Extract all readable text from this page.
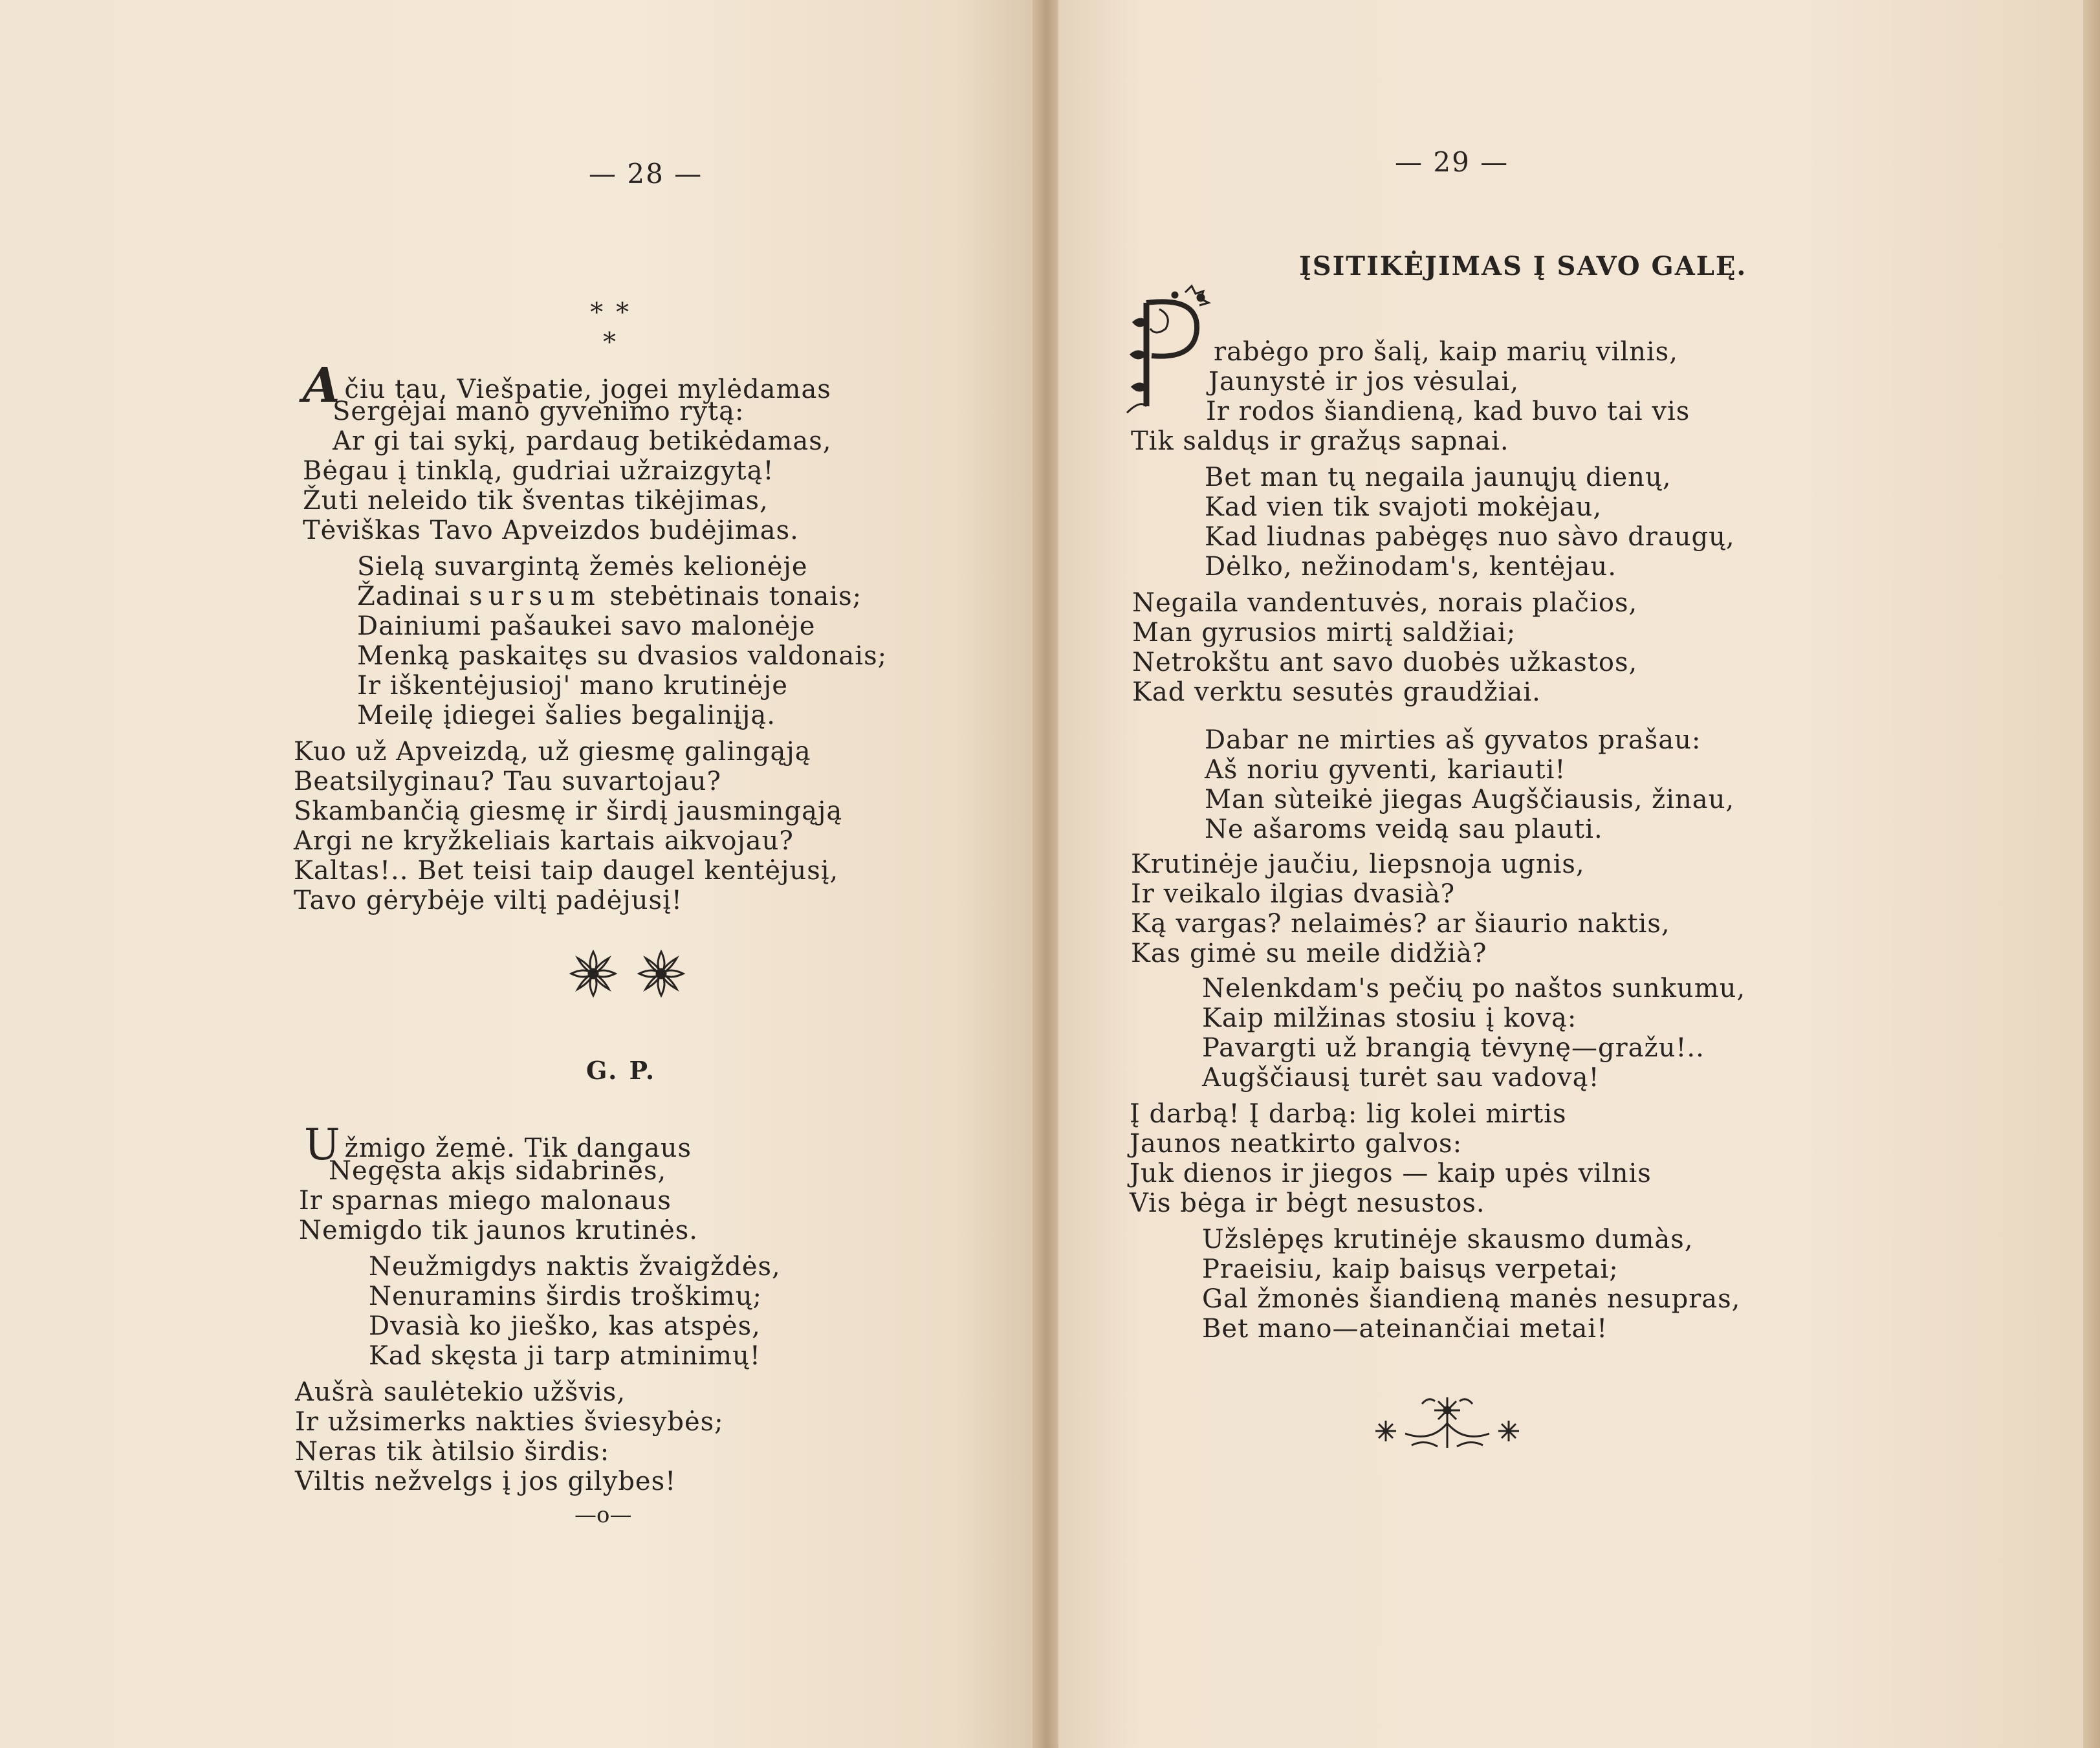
— 28 —
∗ ∗
∗
Ačiu tau, Viešpatie, jogei mylėdamas
Sergėjai mano gyvenimo rytą:
Ar gi tai sykį, pardaug betikėdamas,
Bėgau į tinklą, gudriai užraizgytą!
Žuti neleido tik šventas tikėjimas,
Tėviškas Tavo Apveizdos budėjimas.
Sielą suvargintą žemės kelionėje
Žadinai sursum stebėtinais tonais;
Dainiumi pašaukei savo malonėje
Menką paskaitęs su dvasios valdonais;
Ir iškentėjusioj' mano krutinėje
Meilę įdiegei šalies begalinįją.
Kuo už Apveizdą, už giesmę galingąją
Beatsilyginau? Tau suvartojau?
Skambančią giesmę ir širdį jausmingąją
Argi ne kryžkeliais kartais aikvojau?
Kaltas!.. Bet teisi taip daugel kentėjusį,
Tavo gėrybėje viltį padėjusį!
G. P.
Užmigo žemė. Tik dangaus
Negęsta akįs sidabrinės,
Ir sparnas miego malonaus
Nemigdo tik jaunos krutinės.
Neužmigdys naktis žvaigždės,
Nenuramins širdis troškimų;
Dvasià ko jieško, kas atspės,
Kad skęsta ji tarp atminimų!
Aušrà saulėtekio užšvis,
Ir užsimerks nakties šviesybės;
Neras tik àtilsio širdis:
Viltis nežvelgs į jos gilybes!
—o—
— 29 —
ĮSITIKĖJIMAS Į SAVO GALĘ.
rabėgo pro šalį, kaip marių vilnis,
Jaunystė ir jos vėsulai,
Ir rodos šiandieną, kad buvo tai vis
Tik saldųs ir gražųs sapnai.
Bet man tų negaila jaunųjų dienų,
Kad vien tik svajoti mokėjau,
Kad liudnas pabėgęs nuo sàvo draugų,
Dėlko, nežinodam's, kentėjau.
Negaila vandentuvės, norais plačios,
Man gyrusios mirtį saldžiai;
Netrokštu ant savo duobės užkastos,
Kad verktu sesutės graudžiai.
Dabar ne mirties aš gyvatos prašau:
Aš noriu gyventi, kariauti!
Man sùteikė jiegas Augščiausis, žinau,
Ne ašaroms veidą sau plauti.
Krutinėje jaučiu, liepsnoja ugnis,
Ir veikalo ilgias dvasià?
Ką vargas? nelaimės? ar šiaurio naktis,
Kas gimė su meile didžià?
Nelenkdam's pečių po naštos sunkumu,
Kaip milžinas stosiu į kovą:
Pavargti už brangią tėvynę—gražu!..
Augščiausį turėt sau vadovą!
Į darbą! Į darbą: lig kolei mirtis
Jaunos neatkirto galvos:
Juk dienos ir jiegos — kaip upės vilnis
Vis bėga ir bėgt nesustos.
Užslėpęs krutinėje skausmo dumàs,
Praeisiu, kaip baisųs verpetai;
Gal žmonės šiandieną manės nesupras,
Bet mano—ateinančiai metai!
